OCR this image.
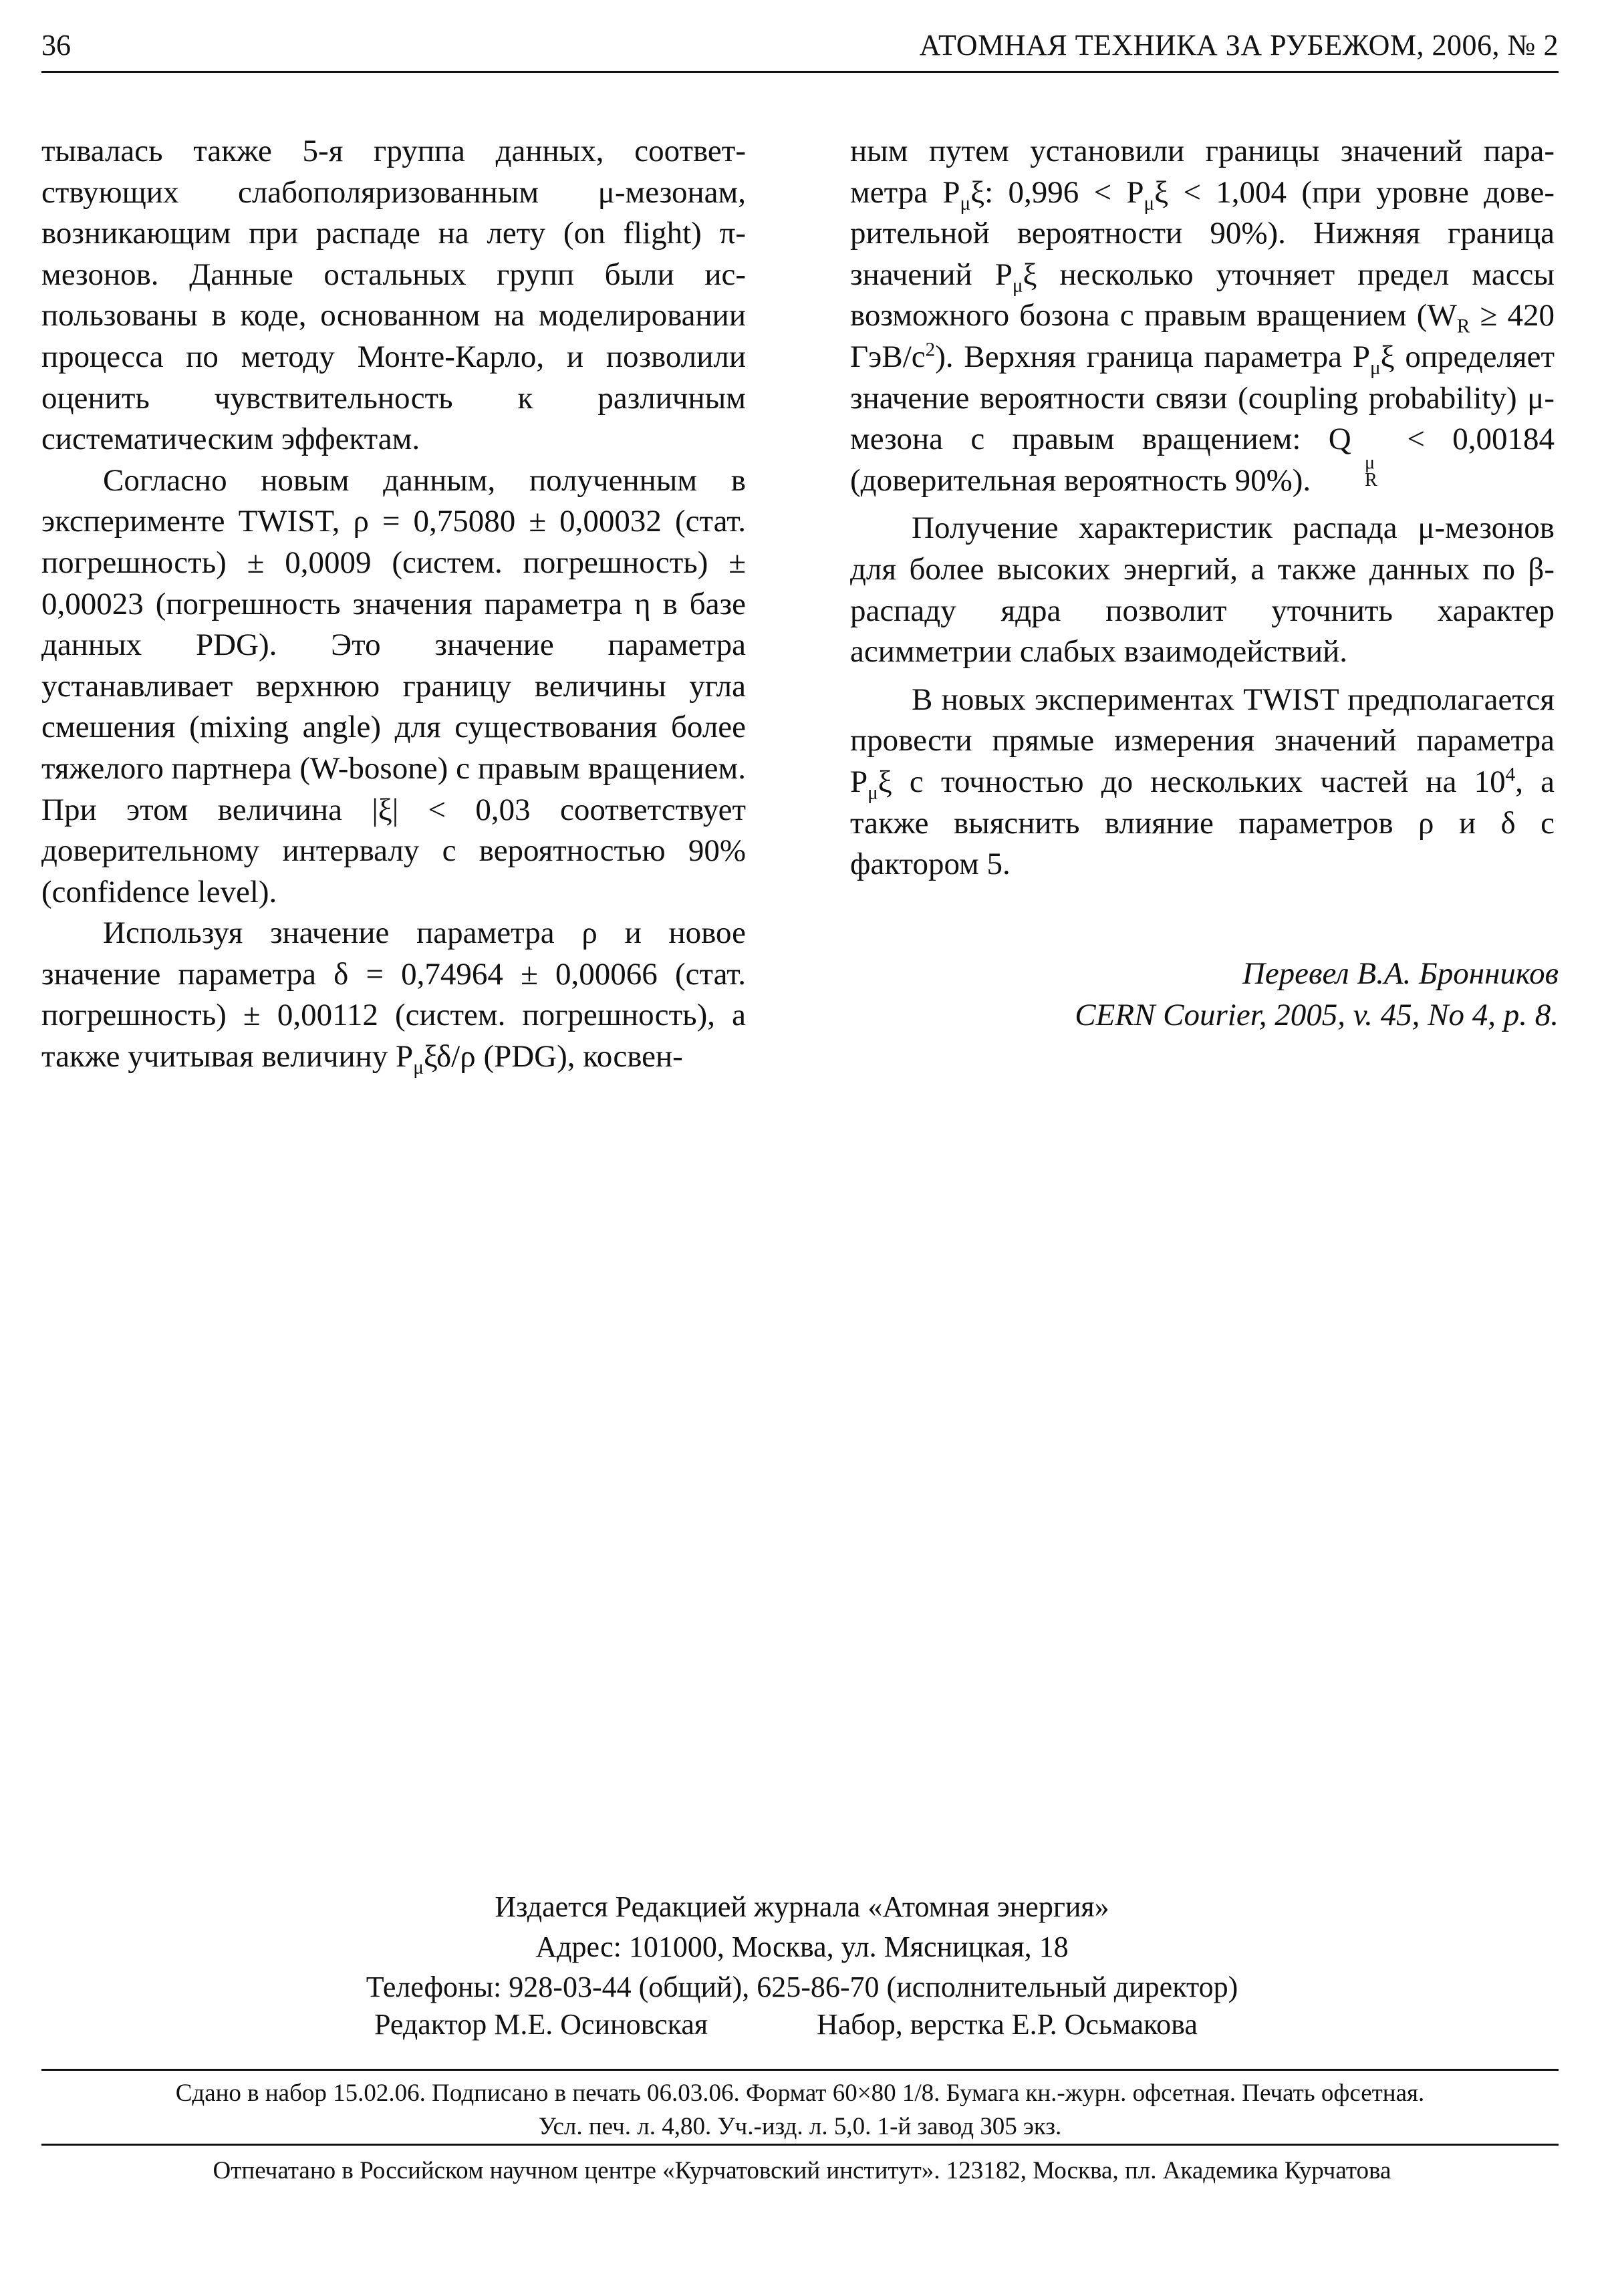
36	АТОМНАЯ ТЕХНИКА ЗА РУБЕЖОМ, 2006, № 2

тывалась также 5-я группа данных, соответствующих слабополяризованным μ-мезонам, возникающим при распаде на лету (on flight) π-мезонов. Данные остальных групп были использованы в коде, основанном на моделировании процесса по методу Монте-Карло, и позволили оценить чувствительность к различным систематическим эффектам.

Согласно новым данным, полученным в эксперименте TWIST, ρ = 0,75080 ± 0,00032 (стат. погрешность) ± 0,0009 (систем. погрешность) ± 0,00023 (погрешность значения параметра η в базе данных PDG). Это значение параметра устанавливает верхнюю границу величины угла смешения (mixing angle) для существования более тяжелого партнера (W-bosone) с правым вращением. При этом величина |ξ| < 0,03 соответствует доверительному интервалу с вероятностью 90% (confidence level).

Используя значение параметра ρ и новое значение параметра δ = 0,74964 ± 0,00066 (стат. погрешность) ± 0,00112 (систем. погрешность), а также учитывая величину $P_\mu\xi\delta/\rho$ (PDG), косвен-

ным путем установили границы значений параметра $P_\mu\xi$: $0,996 < P_\mu\xi < 1,004$ (при уровне доверительной вероятности 90%). Нижняя граница значений $P_\mu\xi$ несколько уточняет предел массы возможного бозона с правым вращением ($W_R \ge 420$ ГэВ/$с^2$). Верхняя граница параметра $P_\mu\xi$ определяет значение вероятности связи (coupling probability) μ-мезона с правым вращением: Q
μ
R
< 0,00184 (доверительная вероятность 90%).

Получение характеристик распада μ-мезонов для более высоких энергий, а также данных по β-распаду ядра позволит уточнить характер асимметрии слабых взаимодействий.

В новых экспериментах TWIST предполагается провести прямые измерения значений параметра $P_\mu\xi$ с точностью до нескольких частей на $10^4$, а также выяснить влияние параметров ρ и δ с фактором 5.

Перевел В.А. Бронников
CERN Courier, 2005, v. 45, No 4, p. 8.
Издается Редакцией журнала «Атомная энергия»
Адрес: 101000, Москва, ул. Мясницкая, 18
Телефоны: 928-03-44 (общий), 625-86-70 (исполнительный директор)
Редактор М.Е. Осиновская	Набор, верстка Е.Р. Осьмакова
Сдано в набор 15.02.06. Подписано в печать 06.03.06. Формат 60×80 1/8. Бумага кн.-журн. офсетная. Печать офсетная.
Усл. печ. л. 4,80. Уч.-изд. л. 5,0. 1-й завод 305 экз.
Отпечатано в Российском научном центре «Курчатовский институт». 123182, Москва, пл. Академика Курчатова
